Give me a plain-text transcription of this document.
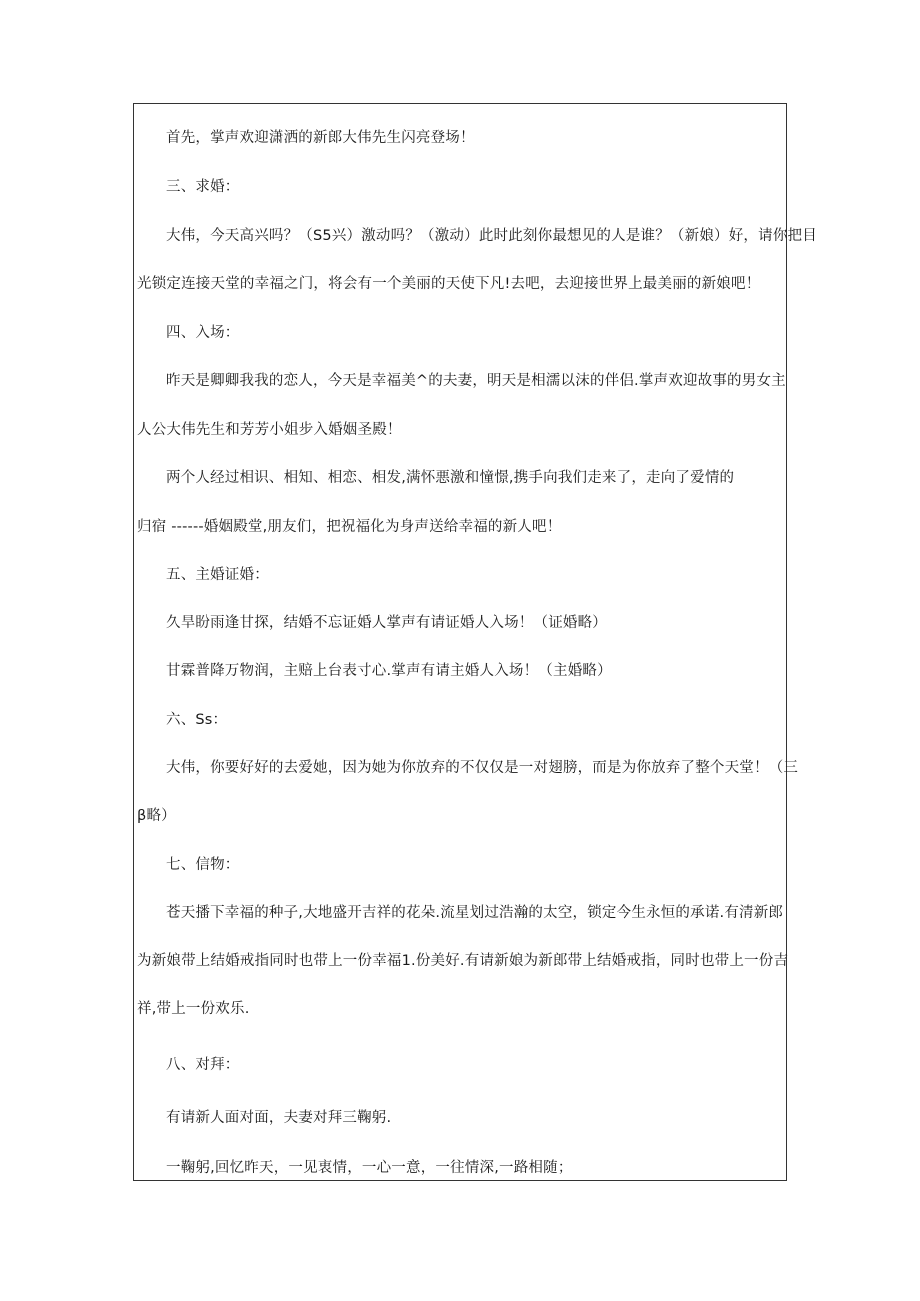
首先，掌声欢迎潇洒的新郎大伟先生闪亮登场！
三、求婚：
大伟，今天高兴吗？（S5兴）激动吗？（激动）此时此刻你最想见的人是谁？（新娘）好，请你把目
光锁定连接天堂的幸福之门，将会有一个美丽的天使下凡!去吧，去迎接世界上最美丽的新娘吧！
四、入场：
昨天是卿卿我我的恋人，今天是幸福美^的夫妻，明天是相濡以沫的伴侣.掌声欢迎故事的男女主
人公大伟先生和芳芳小姐步入婚姻圣殿！
两个人经过相识、相知、相恋、相发,满怀悪激和憧憬,携手向我们走来了，走向了爱情的
归宿 ------婚姻殿堂,朋友们，把祝福化为身声送给幸福的新人吧！
五、主婚证婚：
久旱盼雨逢甘探，结婚不忘证婚人掌声有请证婚人入场！（证婚略）
甘霖普降万物润，主赔上台表寸心.掌声有请主婚人入场！（主婚略）
六、Ss：
大伟，你要好好的去爱她，因为她为你放弃的不仅仅是一对翅膀，而是为你放弃了整个天堂！（三
β略）
七、信物：
苍天播下幸福的种子,大地盛开吉祥的花朵.流星划过浩瀚的太空，锁定今生永恒的承诺.有清新郎
为新娘带上结婚戒指同时也带上一份幸福1.份美好.有请新娘为新郎带上结婚戒指，同时也带上一份吉
祥,带上一份欢乐.
八、对拜：
有请新人面对面，夫妻对拜三鞠躬.
一鞠躬,回忆昨天，一见衷情，一心一意，一往情深,一路相随；
